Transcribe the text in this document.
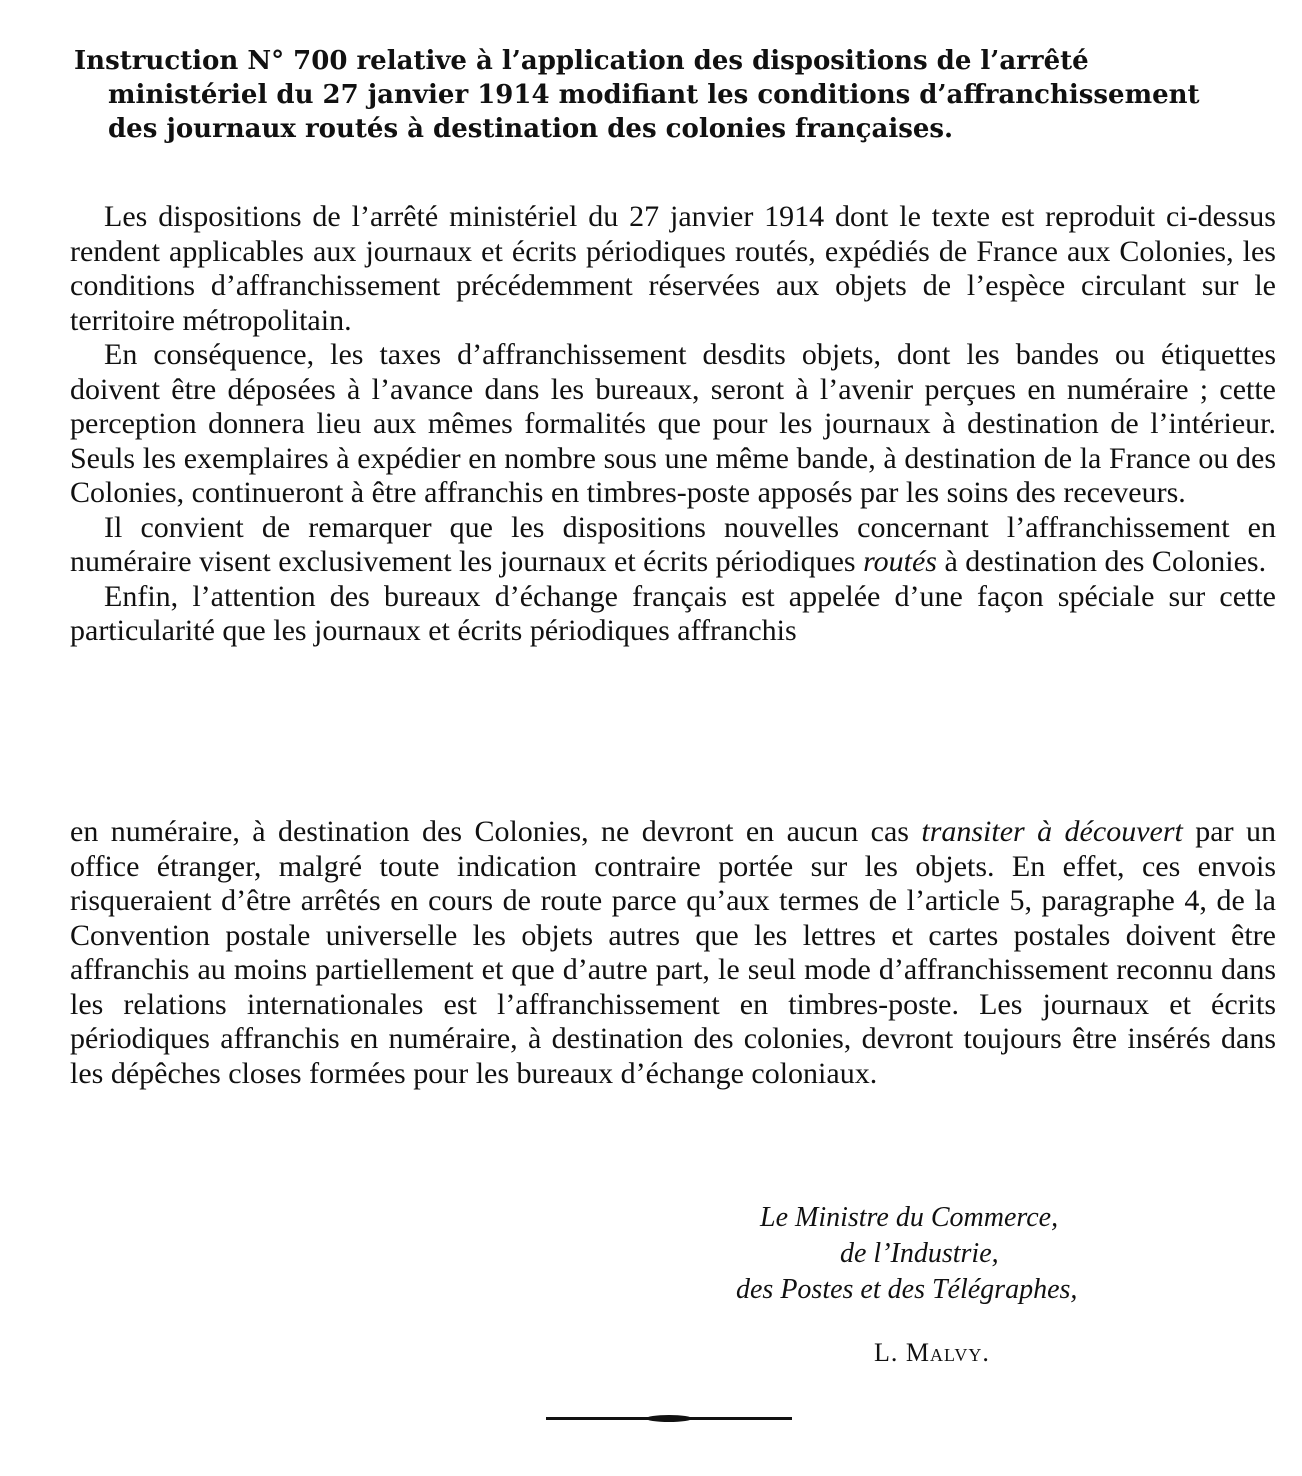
Instruction N° 700 relative à l’application des dispositions de l’arrêté
ministériel du 27 janvier 1914 modifiant les conditions d’affranchissement
des journaux routés à destination des colonies françaises.

Les dispositions de l’arrêté ministériel du 27 janvier 1914 dont le texte est reproduit ci-dessus rendent applicables aux journaux et écrits périodiques routés, expédiés de France aux Colonies, les conditions d’affranchissement précédemment réservées aux objets de l’espèce circulant sur le territoire métropolitain.

En conséquence, les taxes d’affranchissement desdits objets, dont les bandes ou étiquettes doivent être déposées à l’avance dans les bureaux, seront à l’avenir perçues en numéraire ; cette perception donnera lieu aux mêmes formalités que pour les journaux à destination de l’intérieur. Seuls les exemplaires à expédier en nombre sous une même bande, à destination de la France ou des Colonies, continueront à être affranchis en timbres-poste apposés par les soins des receveurs.

Il convient de remarquer que les dispositions nouvelles concernant l’affranchissement en numéraire visent exclusivement les journaux et écrits périodiques routés à destination des Colonies.

Enfin, l’attention des bureaux d’échange français est appelée d’une façon spéciale sur cette particularité que les journaux et écrits périodiques affranchis

en numéraire, à destination des Colonies, ne devront en aucun cas transiter à découvert par un office étranger, malgré toute indication contraire portée sur les objets. En effet, ces envois risqueraient d’être arrêtés en cours de route parce qu’aux termes de l’article 5, paragraphe 4, de la Convention postale universelle les objets autres que les lettres et cartes postales doivent être affranchis au moins partiellement et que d’autre part, le seul mode d’affranchissement reconnu dans les relations internationales est l’affranchissement en timbres-poste. Les journaux et écrits périodiques affranchis en numéraire, à destination des colonies, devront toujours être insérés dans les dépêches closes formées pour les bureaux d’échange coloniaux.

Le Ministre du Commerce,
de l’Industrie,
des Postes et des Télégraphes,
L. Malvy.
